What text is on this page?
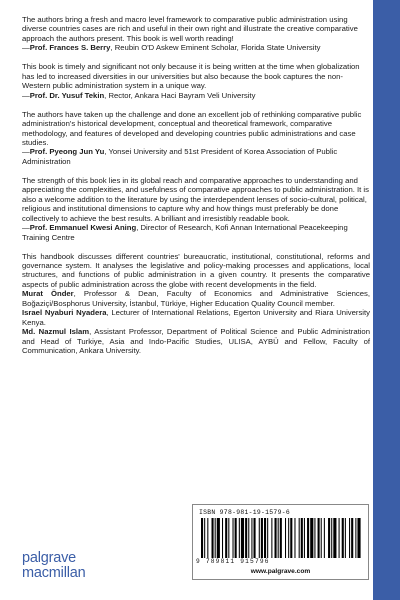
The authors bring a fresh and macro level framework to comparative public administration using diverse countries cases are rich and useful in their own right and illustrate the creative comparative approach the authors present. This book is well worth reading!

—Prof. Frances S. Berry, Reubin O'D Askew Eminent Scholar, Florida State University

This book is timely and significant not only because it is being written at the time when globalization has led to increased diversities in our universities but also because the book captures the non-Western public administration system in a unique way.

—Prof. Dr. Yusuf Tekin, Rector, Ankara Haci Bayram Veli University

The authors have taken up the challenge and done an excellent job of rethinking comparative public administration's historical development, conceptual and theoretical framework, comparative methodology, and features of developed and developing countries public administrations and case studies.

—Prof. Pyeong Jun Yu, Yonsei University and 51st President of Korea Association of Public Administration

The strength of this book lies in its global reach and comparative approaches to understanding and appreciating the complexities, and usefulness of comparative approaches to public administration. It is also a welcome addition to the literature by using the interdependent lenses of socio-cultural, political, religious and institutional dimensions to capture why and how things must preferably be done collectively to achieve the best results. A brilliant and irresistibly readable book.

—Prof. Emmanuel Kwesi Aning, Director of Research, Kofi Annan International Peacekeeping Training Centre

This handbook discusses different countries' bureaucratic, institutional, constitutional, reforms and governance system. It analyses the legislative and policy-making processes and applications, local structures, and functions of public administration in a given country. It presents the comparative aspects of public administration across the globe with recent developments in the field.

Murat Önder, Professor & Dean, Faculty of Economics and Administrative Sciences, Boğaziçi/Bosphorus University, İstanbul, Türkiye, Higher Education Quality Council member.

Israel Nyaburi Nyadera, Lecturer of International Relations, Egerton University and Riara University Kenya.

Md. Nazmul Islam, Assistant Professor, Department of Political Science and Public Administration and Head of Turkiye, Asia and Indo-Pacific Studies, ULISA, AYBÜ and Fellow, Faculty of Communication, Ankara University.

palgrave
macmillan
ISBN 978-981-19-1579-6
9 789811 915796
www.palgrave.com
